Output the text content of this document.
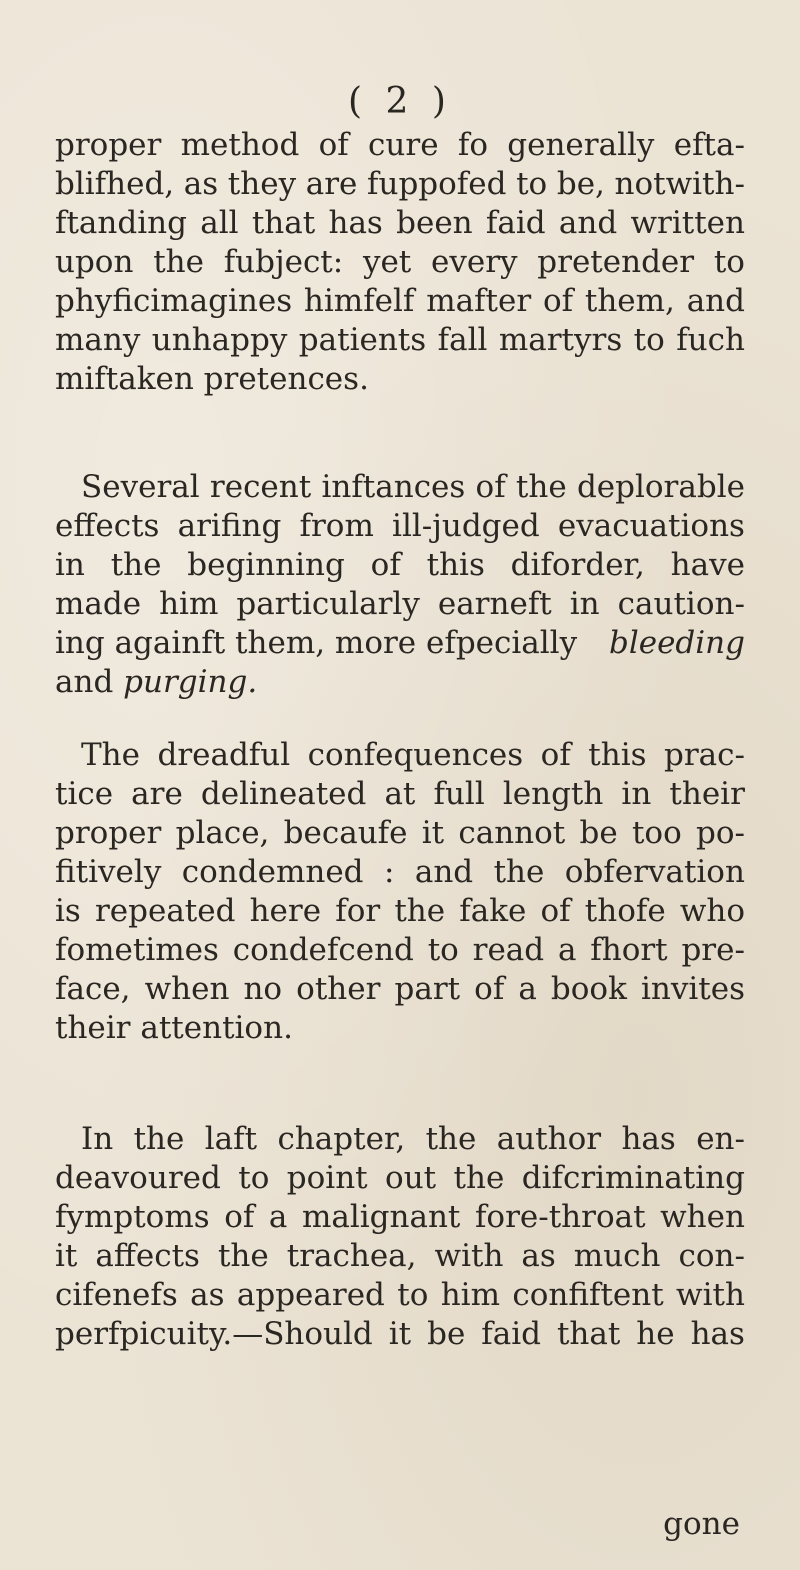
( 2 )
proper method of cure fo generally efta-
blifhed, as they are fuppofed to be, notwith-
ftanding all that has been faid and written
upon the fubject: yet every pretender to
phyficimagines himfelf mafter of them, and
many unhappy patients fall martyrs to fuch
miftaken pretences.
Several recent inftances of the deplorable
effects arifing from ill-judged evacuations
in the beginning of this diforder, have
made him particularly earneft in caution-
ing againft them, more efpecially bleeding
and
purging.
The dreadful confequences of this prac-
tice are delineated at full length in their
proper place, becaufe it cannot be too po-
fitively condemned : and the obfervation
is repeated here for the fake of thofe who
fometimes condefcend to read a fhort pre-
face, when no other part of a book invites
their attention.
In the laft chapter, the author has en-
deavoured to point out the difcriminating
fymptoms of a malignant fore-throat when
it affects the trachea, with as much con-
cifenefs as appeared to him confiftent with
perfpicuity.—Should it be faid that he has
gone
